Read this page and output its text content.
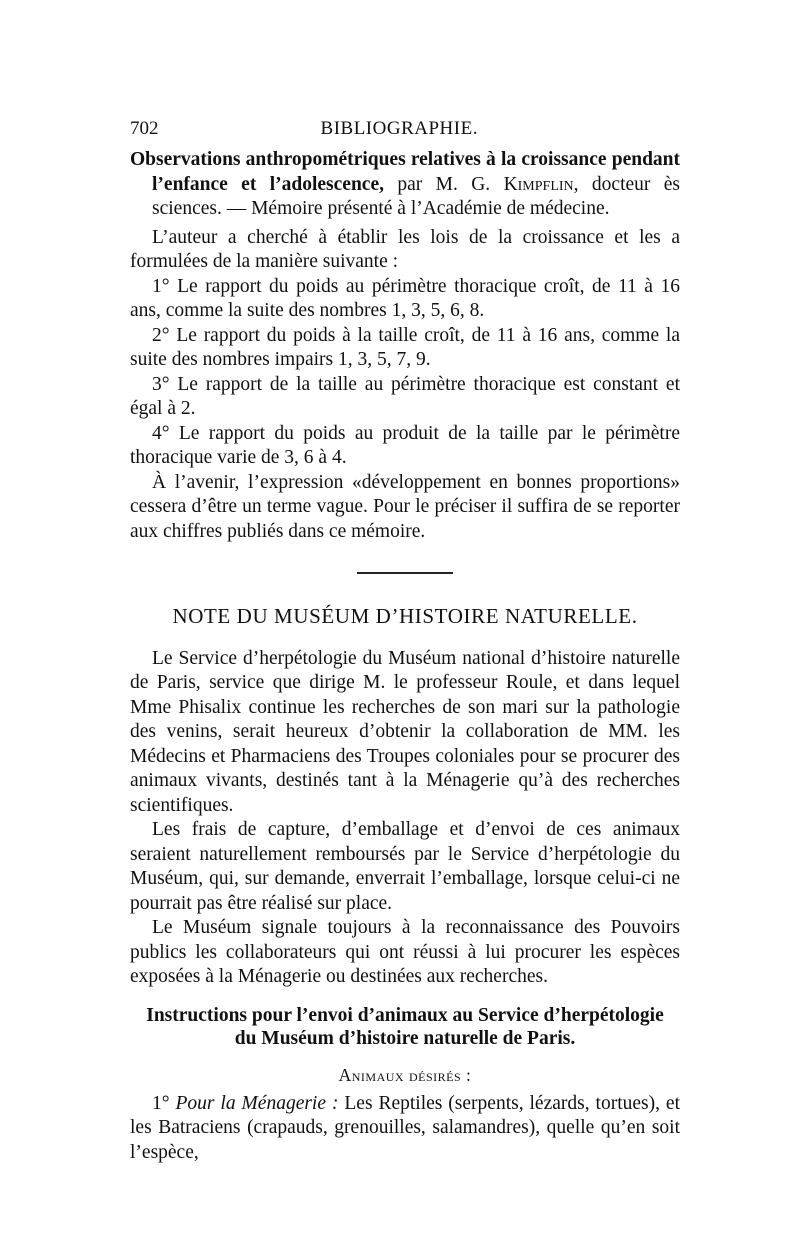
702	BIBLIOGRAPHIE.

Observations anthropométriques relatives à la croissance pendant l’enfance et l’adolescence, par M. G. Kimpflin, docteur ès sciences. — Mémoire présenté à l’Académie de médecine.

L’auteur a cherché à établir les lois de la croissance et les a formulées de la manière suivante :

1° Le rapport du poids au périmètre thoracique croît, de 11 à 16 ans, comme la suite des nombres 1, 3, 5, 6, 8.

2° Le rapport du poids à la taille croît, de 11 à 16 ans, comme la suite des nombres impairs 1, 3, 5, 7, 9.

3° Le rapport de la taille au périmètre thoracique est constant et égal à 2.

4° Le rapport du poids au produit de la taille par le périmètre thoracique varie de 3, 6 à 4.

À l’avenir, l’expression «développement en bonnes proportions» cessera d’être un terme vague. Pour le préciser il suffira de se reporter aux chiffres publiés dans ce mémoire.

NOTE DU MUSÉUM D’HISTOIRE NATURELLE.

Le Service d’herpétologie du Muséum national d’histoire naturelle de Paris, service que dirige M. le professeur Roule, et dans lequel Mme Phisalix continue les recherches de son mari sur la pathologie des venins, serait heureux d’obtenir la collaboration de MM. les Médecins et Pharmaciens des Troupes coloniales pour se procurer des animaux vivants, destinés tant à la Ménagerie qu’à des recherches scientifiques.

Les frais de capture, d’emballage et d’envoi de ces animaux seraient naturellement remboursés par le Service d’herpétologie du Muséum, qui, sur demande, enverrait l’emballage, lorsque celui-ci ne pourrait pas être réalisé sur place.

Le Muséum signale toujours à la reconnaissance des Pouvoirs publics les collaborateurs qui ont réussi à lui procurer les espèces exposées à la Ménagerie ou destinées aux recherches.

Instructions pour l’envoi d’animaux au Service d’herpétologie
du Muséum d’histoire naturelle de Paris.
Animaux désirés :

1° Pour la Ménagerie : Les Reptiles (serpents, lézards, tortues), et les Batraciens (crapauds, grenouilles, salamandres), quelle qu’en soit l’espèce,
